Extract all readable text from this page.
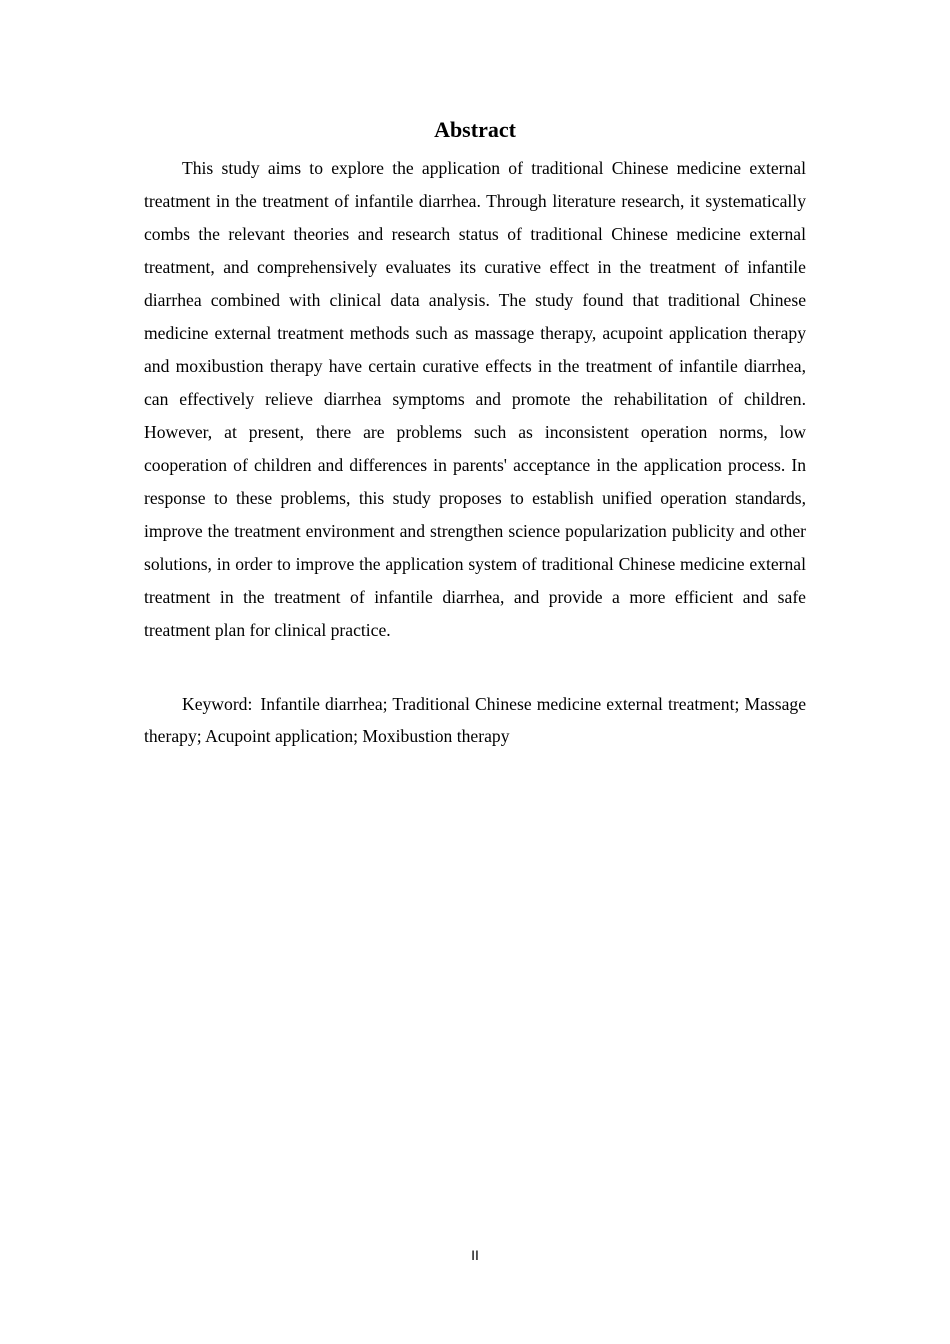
Abstract

This study aims to explore the application of traditional Chinese medicine external treatment in the treatment of infantile diarrhea. Through literature research, it systematically combs the relevant theories and research status of traditional Chinese medicine external treatment, and comprehensively evaluates its curative effect in the treatment of infantile diarrhea combined with clinical data analysis. The study found that traditional Chinese medicine external treatment methods such as massage therapy, acupoint application therapy and moxibustion therapy have certain curative effects in the treatment of infantile diarrhea, can effectively relieve diarrhea symptoms and promote the rehabilitation of children. However, at present, there are problems such as inconsistent operation norms, low cooperation of children and differences in parents' acceptance in the application process. In response to these problems, this study proposes to establish unified operation standards, improve the treatment environment and strengthen science popularization publicity and other solutions, in order to improve the application system of traditional Chinese medicine external treatment in the treatment of infantile diarrhea, and provide a more efficient and safe treatment plan for clinical practice.

Keyword: Infantile diarrhea; Traditional Chinese medicine external treatment; Massage therapy; Acupoint application; Moxibustion therapy

II
